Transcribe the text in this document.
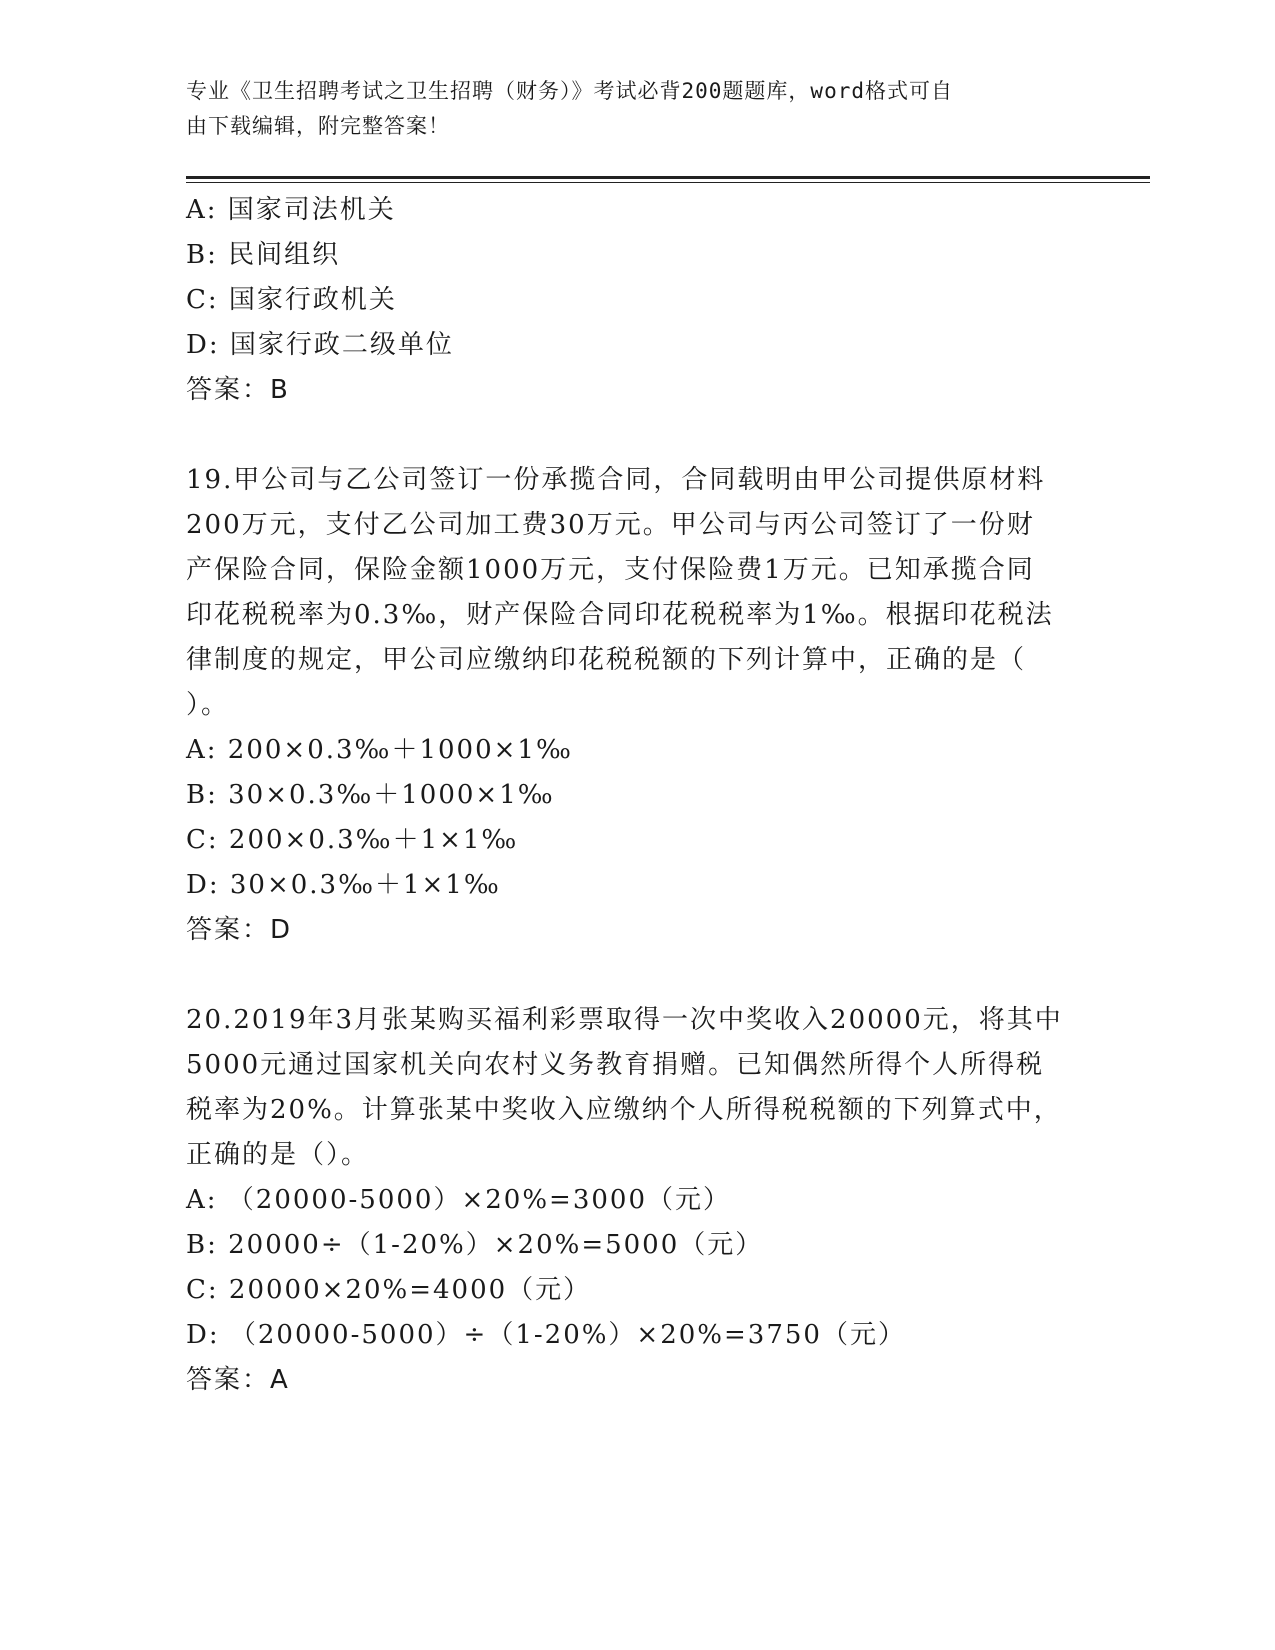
专业《卫生招聘考试之卫生招聘（财务）》考试必背200题题库，word格式可自
由下载编辑，附完整答案！
A: 国家司法机关
B: 民间组织
C: 国家行政机关
D: 国家行政二级单位
答案：B
19.甲公司与乙公司签订一份承揽合同，合同载明由甲公司提供原材料
200万元，支付乙公司加工费30万元。甲公司与丙公司签订了一份财
产保险合同，保险金额1000万元，支付保险费1万元。已知承揽合同
印花税税率为0.3‰，财产保险合同印花税税率为1‰。根据印花税法
律制度的规定，甲公司应缴纳印花税税额的下列计算中，正确的是（
）。
A: 200×0.3‰＋1000×1‰
B: 30×0.3‰＋1000×1‰
C: 200×0.3‰＋1×1‰
D: 30×0.3‰＋1×1‰
答案：D
20.2019年3月张某购买福利彩票取得一次中奖收入20000元，将其中
5000元通过国家机关向农村义务教育捐赠。已知偶然所得个人所得税
税率为20%。计算张某中奖收入应缴纳个人所得税税额的下列算式中，
正确的是（）。
A: （20000-5000）×20%=3000（元）
B: 20000÷（1-20%）×20%=5000（元）
C: 20000×20%=4000（元）
D: （20000-5000）÷（1-20%）×20%=3750（元）
答案：A
